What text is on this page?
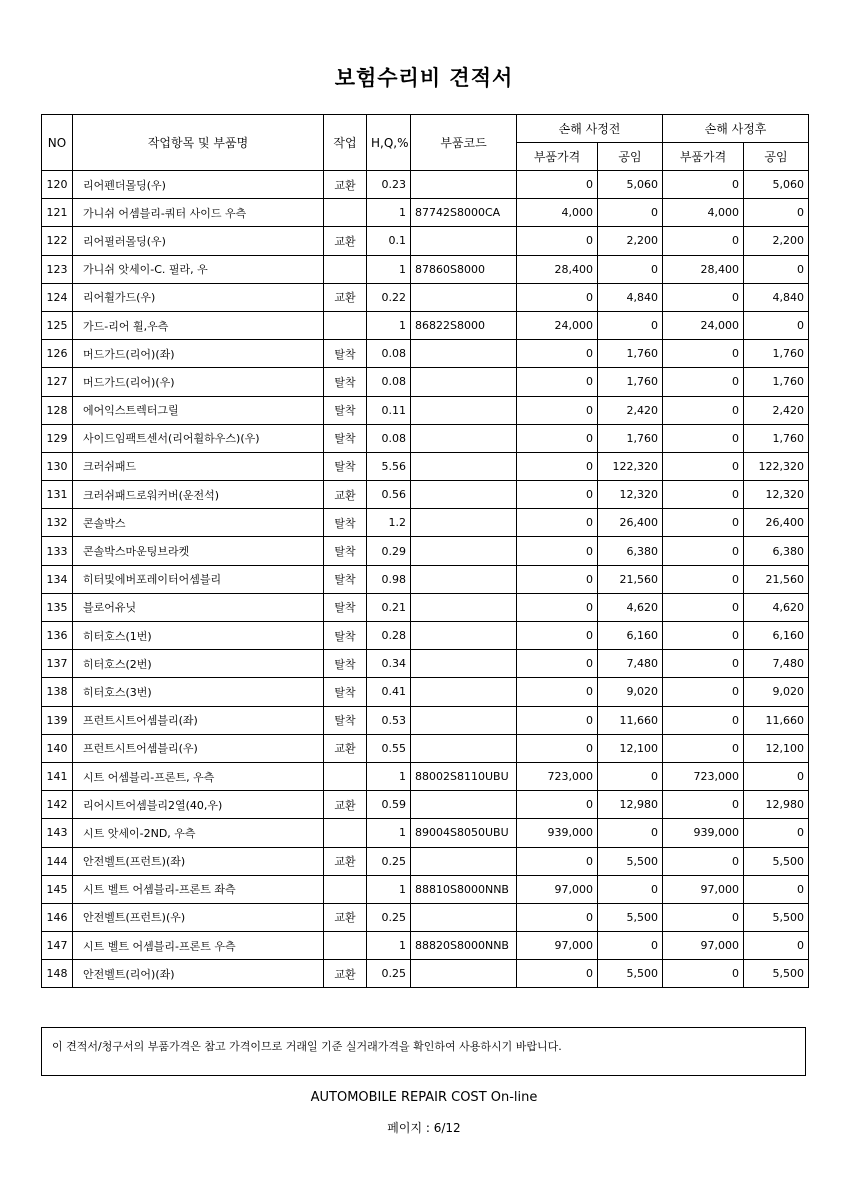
보험수리비 견적서
NO	작업항목 및 부품명	작업	H,Q,%	부품코드	손해 사정전		손해 사정후	
					부품가격	공임	부품가격	공임
120	리어펜더몰딩(우)	교환	0.23		0	5,060	0	5,060
121	가니쉬 어셈블리-쿼터 사이드 우측		1	87742S8000CA	4,000	0	4,000	0
122	리어필러몰딩(우)	교환	0.1		0	2,200	0	2,200
123	가니쉬 앗세이-C. 필라, 우		1	87860S8000	28,400	0	28,400	0
124	리어휠가드(우)	교환	0.22		0	4,840	0	4,840
125	가드-리어 휠,우측		1	86822S8000	24,000	0	24,000	0
126	머드가드(리어)(좌)	탈착	0.08		0	1,760	0	1,760
127	머드가드(리어)(우)	탈착	0.08		0	1,760	0	1,760
128	에어익스트렉터그릴	탈착	0.11		0	2,420	0	2,420
129	사이드임팩트센서(리어휠하우스)(우)	탈착	0.08		0	1,760	0	1,760
130	크러쉬패드	탈착	5.56		0	122,320	0	122,320
131	크러쉬패드로워커버(운전석)	교환	0.56		0	12,320	0	12,320
132	콘솔박스	탈착	1.2		0	26,400	0	26,400
133	콘솔박스마운팅브라켓	탈착	0.29		0	6,380	0	6,380
134	히터및에버포레이터어셈블리	탈착	0.98		0	21,560	0	21,560
135	블로어유닛	탈착	0.21		0	4,620	0	4,620
136	히터호스(1번)	탈착	0.28		0	6,160	0	6,160
137	히터호스(2번)	탈착	0.34		0	7,480	0	7,480
138	히터호스(3번)	탈착	0.41		0	9,020	0	9,020
139	프런트시트어셈블리(좌)	탈착	0.53		0	11,660	0	11,660
140	프런트시트어셈블리(우)	교환	0.55		0	12,100	0	12,100
141	시트 어셈블리-프론트, 우측		1	88002S8110UBU	723,000	0	723,000	0
142	리어시트어셈블리2열(40,우)	교환	0.59		0	12,980	0	12,980
143	시트 앗세이-2ND, 우측		1	89004S8050UBU	939,000	0	939,000	0
144	안전벨트(프런트)(좌)	교환	0.25		0	5,500	0	5,500
145	시트 벨트 어셈블리-프론트 좌측		1	88810S8000NNB	97,000	0	97,000	0
146	안전벨트(프런트)(우)	교환	0.25		0	5,500	0	5,500
147	시트 벨트 어셈블리-프론트 우측		1	88820S8000NNB	97,000	0	97,000	0
148	안전벨트(리어)(좌)	교환	0.25		0	5,500	0	5,500
이 견적서/청구서의 부품가격은 참고 가격이므로 거래일 기준 실거래가격을 확인하여 사용하시기 바랍니다.
AUTOMOBILE REPAIR COST On-line
페이지 : 6/12
